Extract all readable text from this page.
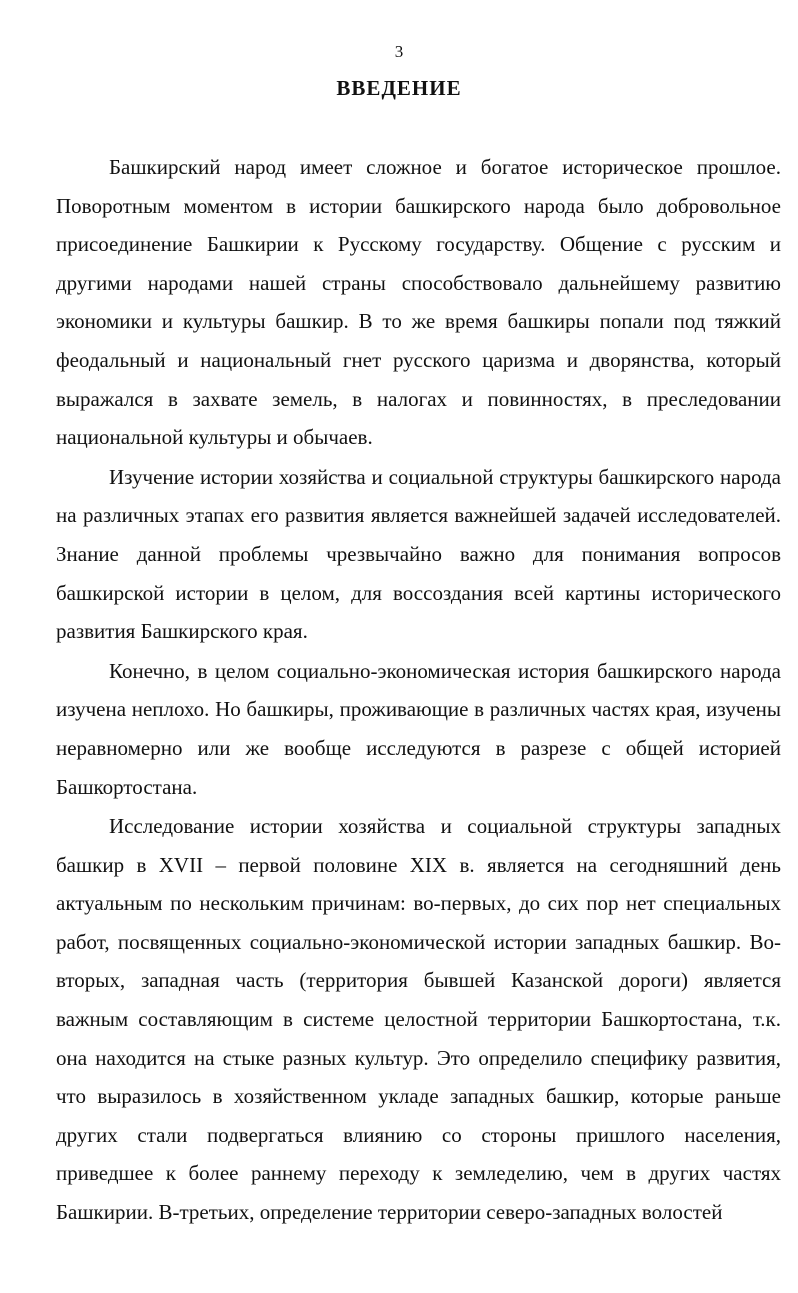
3
ВВЕДЕНИЕ

Башкирский народ имеет сложное и богатое историческое прошлое. Поворотным моментом в истории башкирского народа было добровольное присоединение Башкирии к Русскому государству. Общение с русским и другими народами нашей страны способствовало дальнейшему развитию экономики и культуры башкир. В то же время башкиры попали под тяжкий феодальный и национальный гнет русского царизма и дворянства, который выражался в захвате земель, в налогах и повинностях, в преследовании национальной культуры и обычаев.

Изучение истории хозяйства и социальной структуры башкирского народа на различных этапах его развития является важнейшей задачей исследователей. Знание данной проблемы чрезвычайно важно для понимания вопросов башкирской истории в целом, для воссоздания всей картины исторического развития Башкирского края.

Конечно, в целом социально-экономическая история башкирского народа изучена неплохо. Но башкиры, проживающие в различных частях края, изучены неравномерно или же вообще исследуются в разрезе с общей историей Башкортостана.

Исследование истории хозяйства и социальной структуры западных башкир в XVII – первой половине XIX в. является на сегодняшний день актуальным по нескольким причинам: во-первых, до сих пор нет специальных работ, посвященных социально-экономической истории западных башкир. Во-вторых, западная часть (территория бывшей Казанской дороги) является важным составляющим в системе целостной территории Башкортостана, т.к. она находится на стыке разных культур. Это определило специфику развития, что выразилось в хозяйственном укладе западных башкир, которые раньше других стали подвергаться влиянию со стороны пришлого населения, приведшее к более раннему переходу к земледелию, чем в других частях Башкирии. В-третьих, определение территории северо-западных волостей
